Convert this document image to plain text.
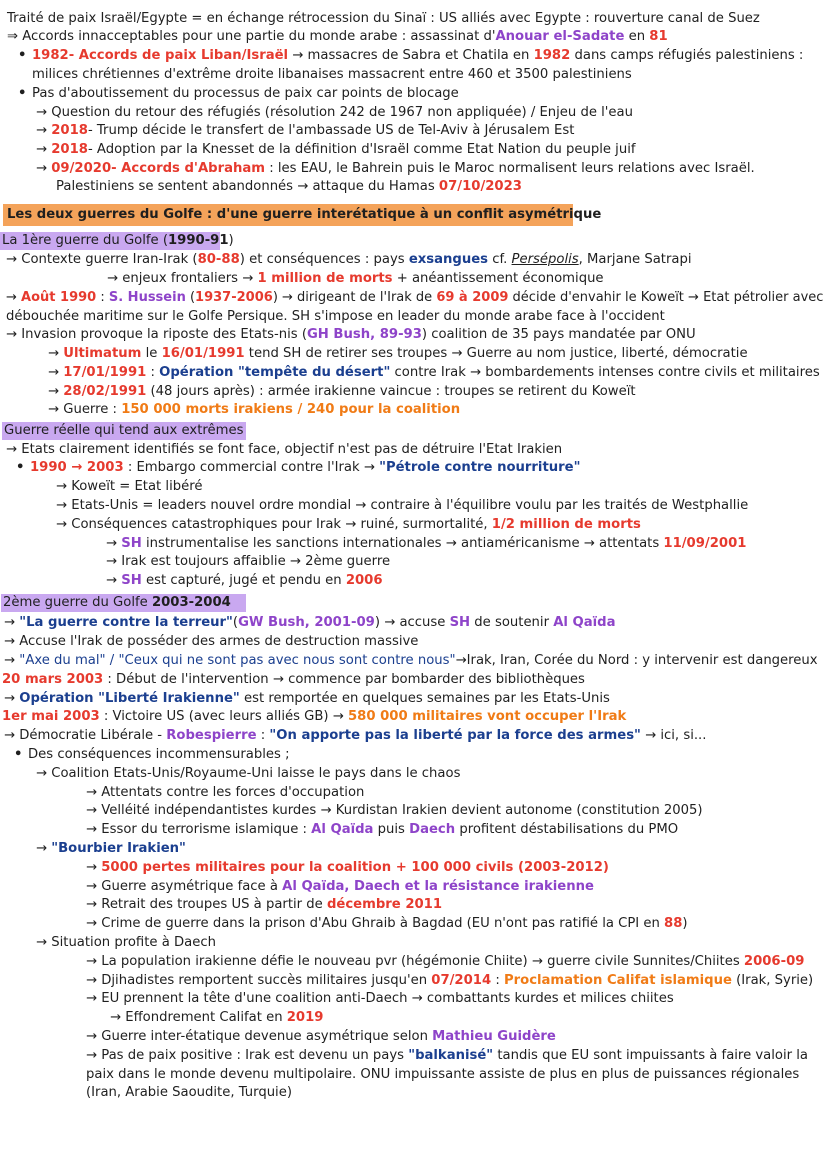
Traité de paix Israël/Egypte = en échange rétrocession du Sinaï : US alliés avec Egypte : rouverture canal de Suez
⇒ Accords innacceptables pour une partie du monde arabe : assassinat d'Anouar el-Sadate en 81
• 1982- Accords de paix Liban/Israël → massacres de Sabra et Chatila en 1982 dans camps réfugiés palestiniens :
milices chrétiennes d'extrême droite libanaises massacrent entre 460 et 3500 palestiniens
• Pas d'aboutissement du processus de paix car points de blocage
→ Question du retour des réfugiés (résolution 242 de 1967 non appliquée) / Enjeu de l'eau
→ 2018- Trump décide le transfert de l'ambassade US de Tel-Aviv à Jérusalem Est
→ 2018- Adoption par la Knesset de la définition d'Israël comme Etat Nation du peuple juif
→ 09/2020- Accords d'Abraham : les EAU, le Bahrein puis le Maroc normalisent leurs relations avec Israël.
Palestiniens se sentent abandonnés → attaque du Hamas 07/10/2023
Les deux guerres du Golfe : d'une guerre interétatique à un conflit asymétrique
La 1ère guerre du Golfe (1990-91)
→ Contexte guerre Iran-Irak (80-88) et conséquences : pays exsangues cf. Persépolis, Marjane Satrapi
→ enjeux frontaliers → 1 million de morts + anéantissement économique
→ Août 1990 : S. Hussein (1937-2006) → dirigeant de l'Irak de 69 à 2009 décide d'envahir le Koweït → Etat pétrolier avec
débouchée maritime sur le Golfe Persique. SH s'impose en leader du monde arabe face à l'occident
→ Invasion provoque la riposte des Etats-nis (GH Bush, 89-93) coalition de 35 pays mandatée par ONU
→ Ultimatum le 16/01/1991 tend SH de retirer ses troupes → Guerre au nom justice, liberté, démocratie
→ 17/01/1991 : Opération "tempête du désert" contre Irak → bombardements intenses contre civils et militaires
→ 28/02/1991 (48 jours après) : armée irakienne vaincue : troupes se retirent du Koweït
→ Guerre : 150 000 morts irakiens / 240 pour la coalition
Guerre réelle qui tend aux extrêmes
→ Etats clairement identifiés se font face, objectif n'est pas de détruire l'Etat Irakien
• 1990 → 2003 : Embargo commercial contre l'Irak → "Pétrole contre nourriture"
→ Koweït = Etat libéré
→ Etats-Unis = leaders nouvel ordre mondial → contraire à l'équilibre voulu par les traités de Westphallie
→ Conséquences catastrophiques pour Irak → ruiné, surmortalité, 1/2 million de morts
→ SH instrumentalise les sanctions internationales → antiaméricanisme → attentats 11/09/2001
→ Irak est toujours affaiblie → 2ème guerre
→ SH est capturé, jugé et pendu en 2006
2ème guerre du Golfe 2003-2004
→ "La guerre contre la terreur"(GW Bush, 2001-09) → accuse SH de soutenir Al Qaïda
→ Accuse l'Irak de posséder des armes de destruction massive
→ "Axe du mal" / "Ceux qui ne sont pas avec nous sont contre nous"→Irak, Iran, Corée du Nord : y intervenir est dangereux
20 mars 2003 : Début de l'intervention → commence par bombarder des bibliothèques
→ Opération "Liberté Irakienne" est remportée en quelques semaines par les Etats-Unis
1er mai 2003 : Victoire US (avec leurs alliés GB) → 580 000 militaires vont occuper l'Irak
→ Démocratie Libérale - Robespierre : "On apporte pas la liberté par la force des armes" → ici, si...
• Des conséquences incommensurables ;
→ Coalition Etats-Unis/Royaume-Uni laisse le pays dans le chaos
→ Attentats contre les forces d'occupation
→ Velléité indépendantistes kurdes → Kurdistan Irakien devient autonome (constitution 2005)
→ Essor du terrorisme islamique : Al Qaïda puis Daech profitent déstabilisations du PMO
→ "Bourbier Irakien"
→ 5000 pertes militaires pour la coalition + 100 000 civils (2003-2012)
→ Guerre asymétrique face à Al Qaïda, Daech et la résistance irakienne
→ Retrait des troupes US à partir de décembre 2011
→ Crime de guerre dans la prison d'Abu Ghraib à Bagdad (EU n'ont pas ratifié la CPI en 88)
→ Situation profite à Daech
→ La population irakienne défie le nouveau pvr (hégémonie Chiite) → guerre civile Sunnites/Chiites 2006-09
→ Djihadistes remportent succès militaires jusqu'en 07/2014 : Proclamation Califat islamique (Irak, Syrie)
→ EU prennent la tête d'une coalition anti-Daech → combattants kurdes et milices chiites
→ Effondrement Califat en 2019
→ Guerre inter-étatique devenue asymétrique selon Mathieu Guidère
→ Pas de paix positive : Irak est devenu un pays "balkanisé" tandis que EU sont impuissants à faire valoir la
paix dans le monde devenu multipolaire. ONU impuissante assiste de plus en plus de puissances régionales
(Iran, Arabie Saoudite, Turquie)
